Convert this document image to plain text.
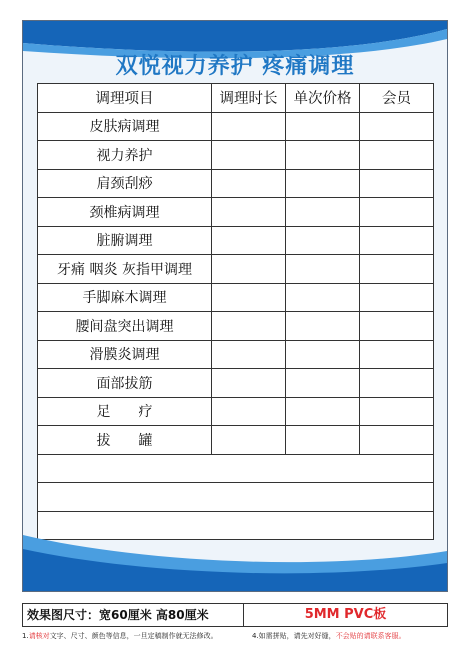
双悦视力养护 疼痛调理
调理项目	调理时长	单次价格	会员
皮肤病调理			
视力养护			
肩颈刮痧			
颈椎病调理			
脏腑调理			
牙痛 咽炎 灰指甲调理			
手脚麻木调理			
腰间盘突出调理			
滑膜炎调理			
面部拔筋			
足　　疗			
拔　　罐			

效果图尺寸：宽60厘米 高80厘米	5MM PVC板
1.请核对文字、尺寸、颜色等信息，一旦定稿制作就无法修改。	4.如需拼贴，请先对好缝，不会贴的请联系客服。
